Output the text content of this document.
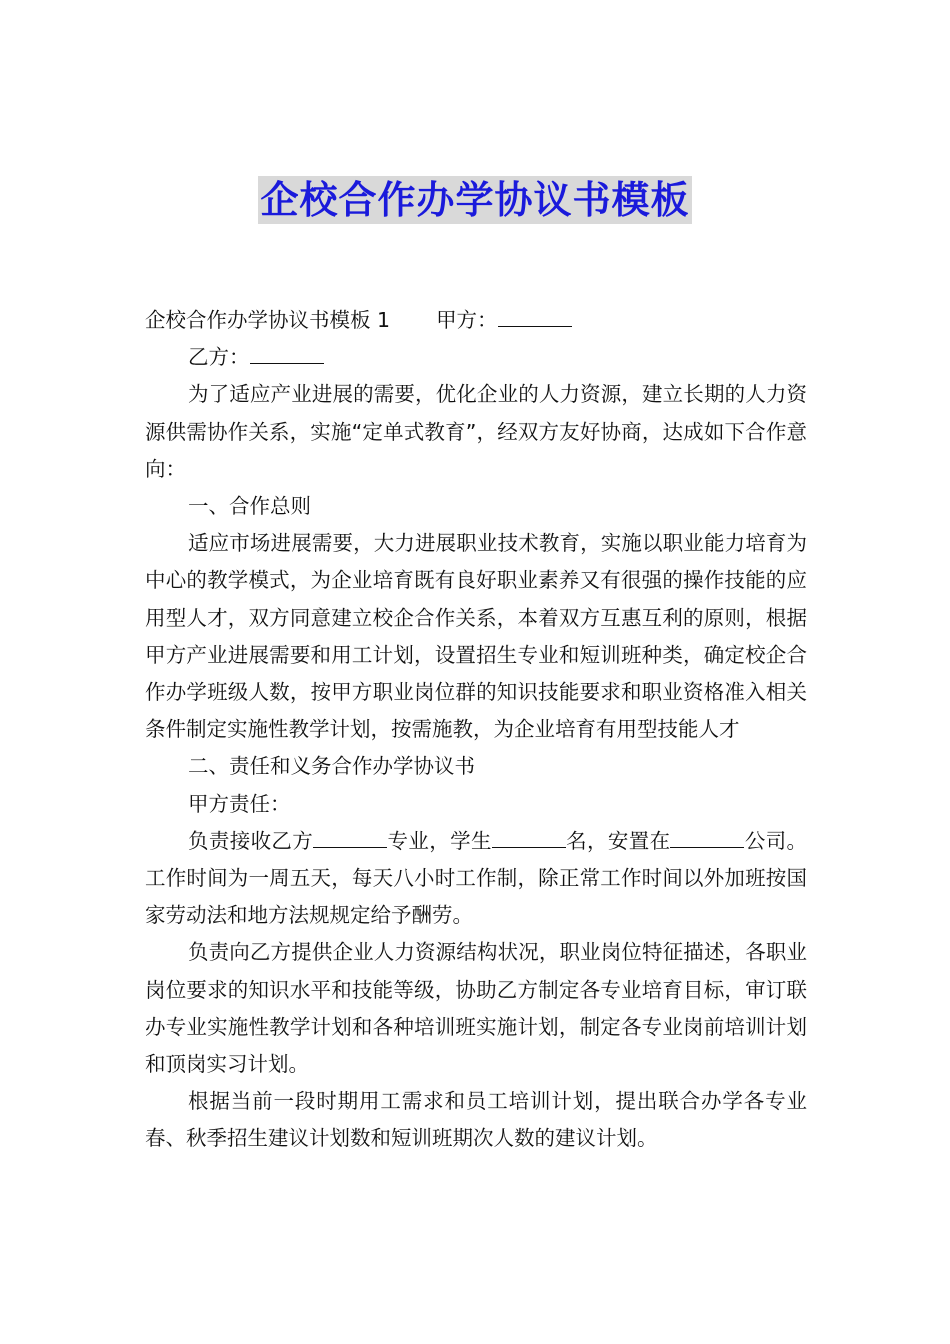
企校合作办学协议书模板

企校合作办学协议书模板 1 甲方：

乙方：

为了适应产业进展的需要，优化企业的人力资源，建立长期的人力资源供需协作关系，实施“定单式教育”，经双方友好协商，达成如下合作意向：

一、合作总则

适应市场进展需要，大力进展职业技术教育，实施以职业能力培育为中心的教学模式，为企业培育既有良好职业素养又有很强的操作技能的应用型人才，双方同意建立校企合作关系，本着双方互惠互利的原则，根据甲方产业进展需要和用工计划，设置招生专业和短训班种类，确定校企合作办学班级人数，按甲方职业岗位群的知识技能要求和职业资格准入相关条件制定实施性教学计划，按需施教，为企业培育有用型技能人才

二、责任和义务合作办学协议书

甲方责任：

负责接收乙方	专业，学生	名，安置在	公司。工作时间为一周五天，每天八小时工作制，除正常工作时间以外加班按国家劳动法和地方法规规定给予酬劳。

负责向乙方提供企业人力资源结构状况，职业岗位特征描述，各职业岗位要求的知识水平和技能等级，协助乙方制定各专业培育目标，审订联办专业实施性教学计划和各种培训班实施计划，制定各专业岗前培训计划和顶岗实习计划。

根据当前一段时期用工需求和员工培训计划，提出联合办学各专业春、秋季招生建议计划数和短训班期次人数的建议计划。
